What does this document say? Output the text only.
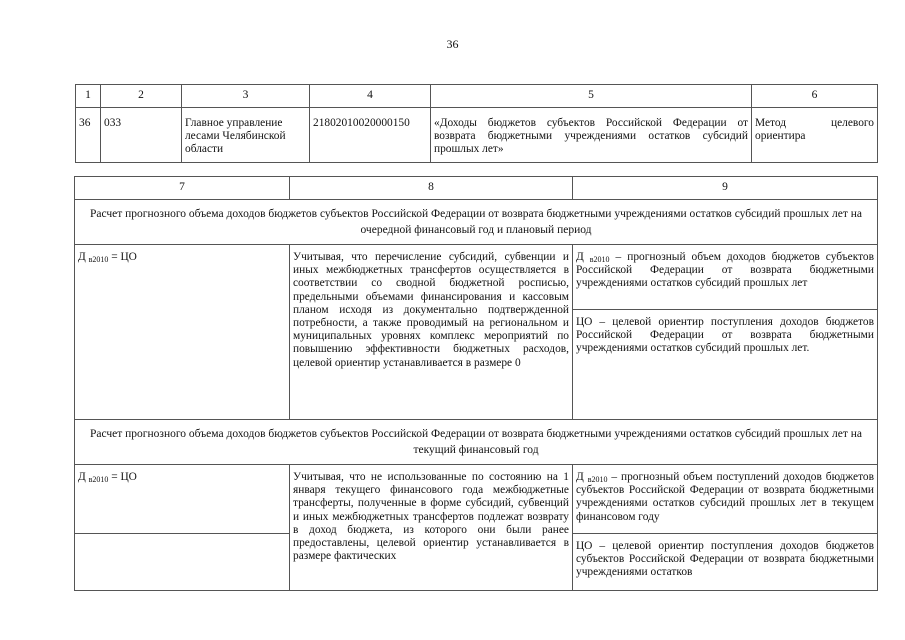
36
1	2	3	4	5	6
36	033	Главное управление лесами Челябинской области	21802010020000150	«Доходы бюджетов субъектов Российской Федерации от возврата бюджетными учреждениями остатков субсидий прошлых лет»	Метод целевого ориентира
7	8	9
Расчет прогнозного объема доходов бюджетов субъектов Российской Федерации от возврата бюджетными учреждениями остатков субсидий прошлых лет на очередной финансовый год и плановый период		
Д в2010 = ЦО	Учитывая, что перечисление субсидий, субвенции и иных межбюджетных трансфертов осуществляется в соответствии со сводной бюджетной росписью, предельными объемами финансирования и кассовым планом исходя из документально подтвержденной потребности, а также проводимый на региональном и муниципальных уровнях комплекс мероприятий по повышению эффективности бюджетных расходов, целевой ориентир устанавливается в размере 0	Д в2010 – прогнозный объем доходов бюджетов субъектов Российской Федерации от возврата бюджетными учреждениями остатков субсидий прошлых лет
		ЦО – целевой ориентир поступления доходов бюджетов Российской Федерации от возврата бюджетными учреждениями остатков субсидий прошлых лет.
Расчет прогнозного объема доходов бюджетов субъектов Российской Федерации от возврата бюджетными учреждениями остатков субсидий прошлых лет на текущий финансовый год		
Д в2010 = ЦО	Учитывая, что не использованные по состоянию на 1 января текущего финансового года межбюджетные трансферты, полученные в форме субсидий, субвенций и иных межбюджетных трансфертов подлежат возврату в доход бюджета, из которого они были ранее предоставлены, целевой ориентир устанавливается в размере фактических	Д в2010 – прогнозный объем поступлений доходов бюджетов субъектов Российской Федерации от возврата бюджетными учреждениями остатков субсидий прошлых лет в текущем финансовом году

		ЦО – целевой ориентир поступления доходов бюджетов субъектов Российской Федерации от возврата бюджетными учреждениями остатков
